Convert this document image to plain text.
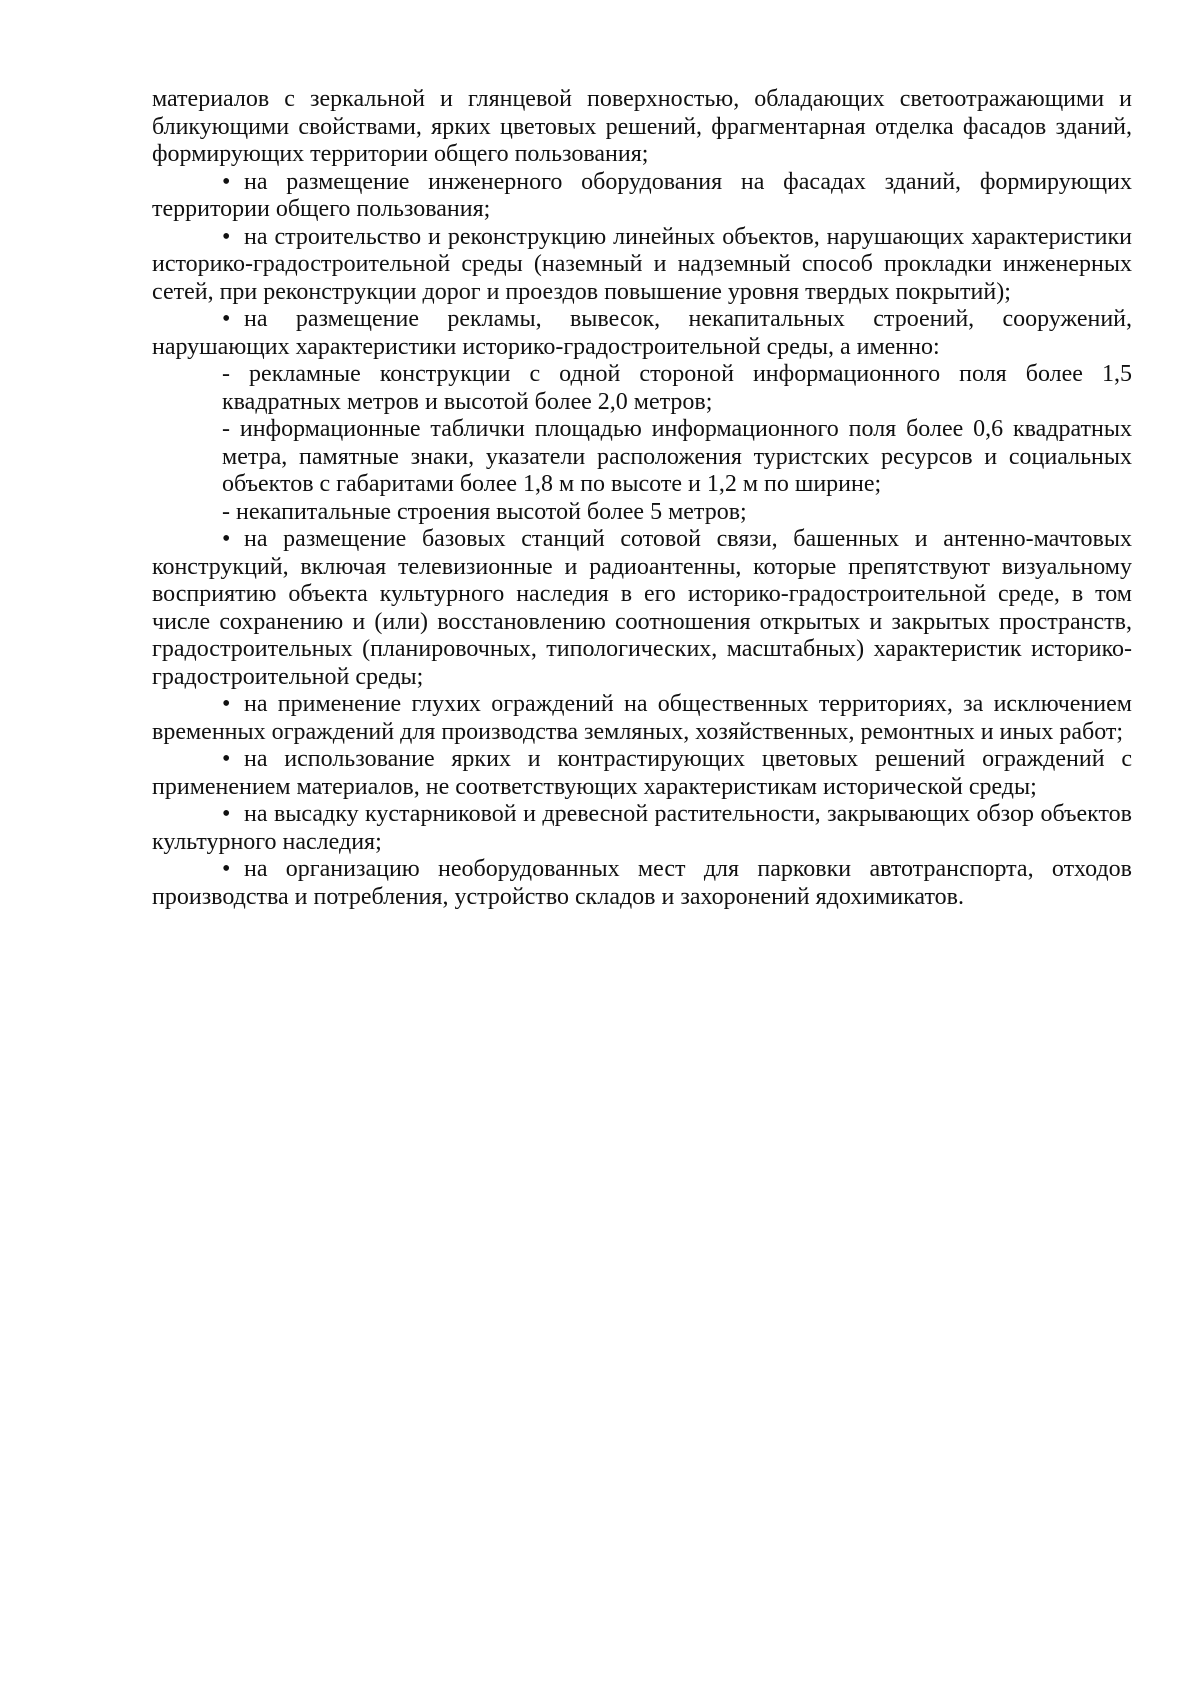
материалов с зеркальной и глянцевой поверхностью, обладающих светоотражающими и бликующими свойствами, ярких цветовых решений, фрагментарная отделка фасадов зданий, формирующих территории общего пользования;

• на размещение инженерного оборудования на фасадах зданий, формирующих территории общего пользования;

• на строительство и реконструкцию линейных объектов, нарушающих характеристики историко-градостроительной среды (наземный и надземный способ прокладки инженерных сетей, при реконструкции дорог и проездов повышение уровня твердых покрытий);

• на размещение рекламы, вывесок, некапитальных строений, сооружений, нарушающих характеристики историко-градостроительной среды, а именно:

- рекламные конструкции с одной стороной информационного поля более 1,5 квадратных метров и высотой более 2,0 метров;

- информационные таблички площадью информационного поля более 0,6 квадратных метра, памятные знаки, указатели расположения туристских ресурсов и социальных объектов с габаритами более 1,8 м по высоте и 1,2 м по ширине;

- некапитальные строения высотой более 5 метров;

• на размещение базовых станций сотовой связи, башенных и антенно-мачтовых конструкций, включая телевизионные и радиоантенны, которые препятствуют визуальному восприятию объекта культурного наследия в его историко-градостроительной среде, в том числе сохранению и (или) восстановлению соотношения открытых и закрытых пространств, градостроительных (планировочных, типологических, масштабных) характеристик историко-градостроительной среды;

• на применение глухих ограждений на общественных территориях, за исключением временных ограждений для производства земляных, хозяйственных, ремонтных и иных работ;

• на использование ярких и контрастирующих цветовых решений ограждений с применением материалов, не соответствующих характеристикам исторической среды;

• на высадку кустарниковой и древесной растительности, закрывающих обзор объектов культурного наследия;

• на организацию необорудованных мест для парковки автотранспорта, отходов производства и потребления, устройство складов и захоронений ядохимикатов.
